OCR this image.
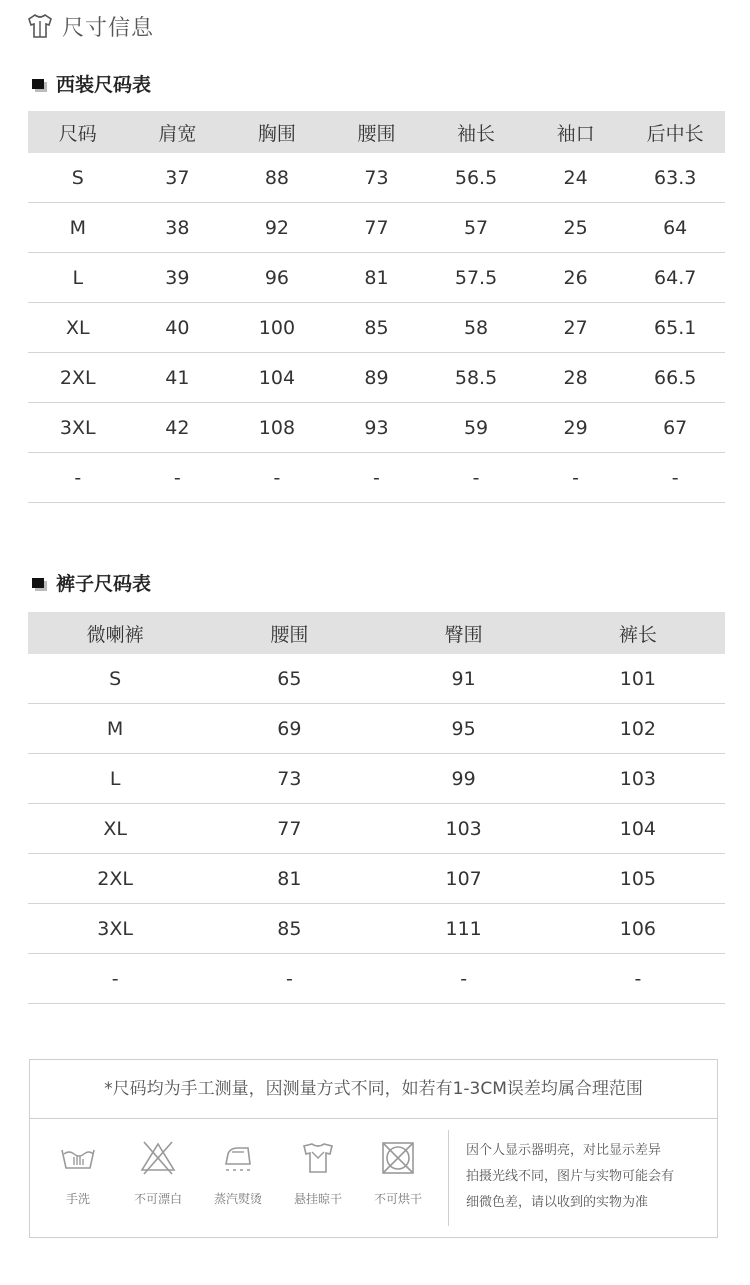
尺寸信息
西装尺码表
尺码	肩宽	胸围	腰围	袖长	袖口	后中长
S	37	88	73	56.5	24	63.3
M	38	92	77	57	25	64
L	39	96	81	57.5	26	64.7
XL	40	100	85	58	27	65.1
2XL	41	104	89	58.5	28	66.5
3XL	42	108	93	59	29	67
-	-	-	-	-	-	-
裤子尺码表
微喇裤	腰围	臀围	裤长
S	65	91	101
M	69	95	102
L	73	99	103
XL	77	103	104
2XL	81	107	105
3XL	85	111	106
-	-	-	-
*尺码均为手工测量，因测量方式不同，如若有1-3CM误差均属合理范围
手洗	不可漂白	蒸汽熨烫	悬挂晾干	不可烘干
因个人显示器明亮，对比显示差异
拍摄光线不同，图片与实物可能会有
细微色差，请以收到的实物为准
